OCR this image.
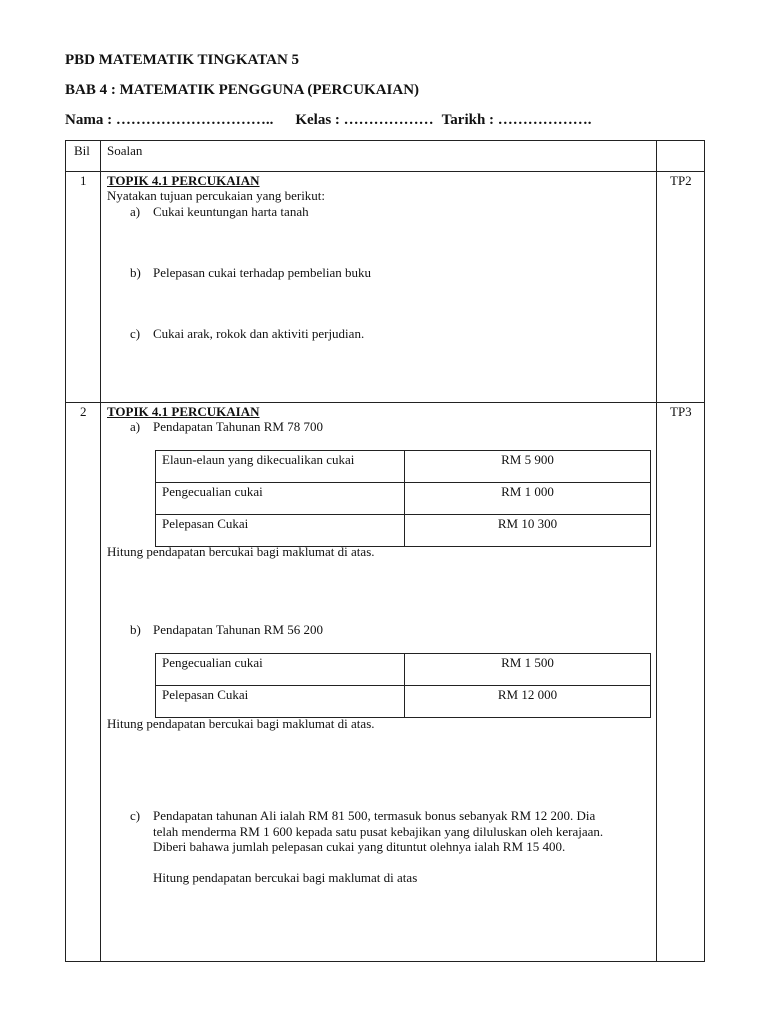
PBD MATEMATIK TINGKATAN 5
BAB 4 : MATEMATIK PENGGUNA (PERCUKAIAN)
Nama : ………………………….. Kelas : ……………… Tarikh : ……………….
Bil Soalan
1 TOPIK 4.1 PERCUKAIAN	TP2
Nyatakan tujuan percukaian yang berikut:
a) Cukai keuntungan harta tanah
b) Pelepasan cukai terhadap pembelian buku
c) Cukai arak, rokok dan aktiviti perjudian.
2 TOPIK 4.1 PERCUKAIAN	TP3
a) Pendapatan Tahunan RM 78 700
Elaun-elaun yang dikecualikan cukai	RM 5 900
Pengecualian cukai	RM 1 000
Pelepasan Cukai	RM 10 300
Hitung pendapatan bercukai bagi maklumat di atas.
b) Pendapatan Tahunan RM 56 200
Pengecualian cukai	RM 1 500
Pelepasan Cukai	RM 12 000
Hitung pendapatan bercukai bagi maklumat di atas.
c) Pendapatan tahunan Ali ialah RM 81 500, termasuk bonus sebanyak RM 12 200. Dia
telah menderma RM 1 600 kepada satu pusat kebajikan yang diluluskan oleh kerajaan.
Diberi bahawa jumlah pelepasan cukai yang dituntut olehnya ialah RM 15 400.
Hitung pendapatan bercukai bagi maklumat di atas
